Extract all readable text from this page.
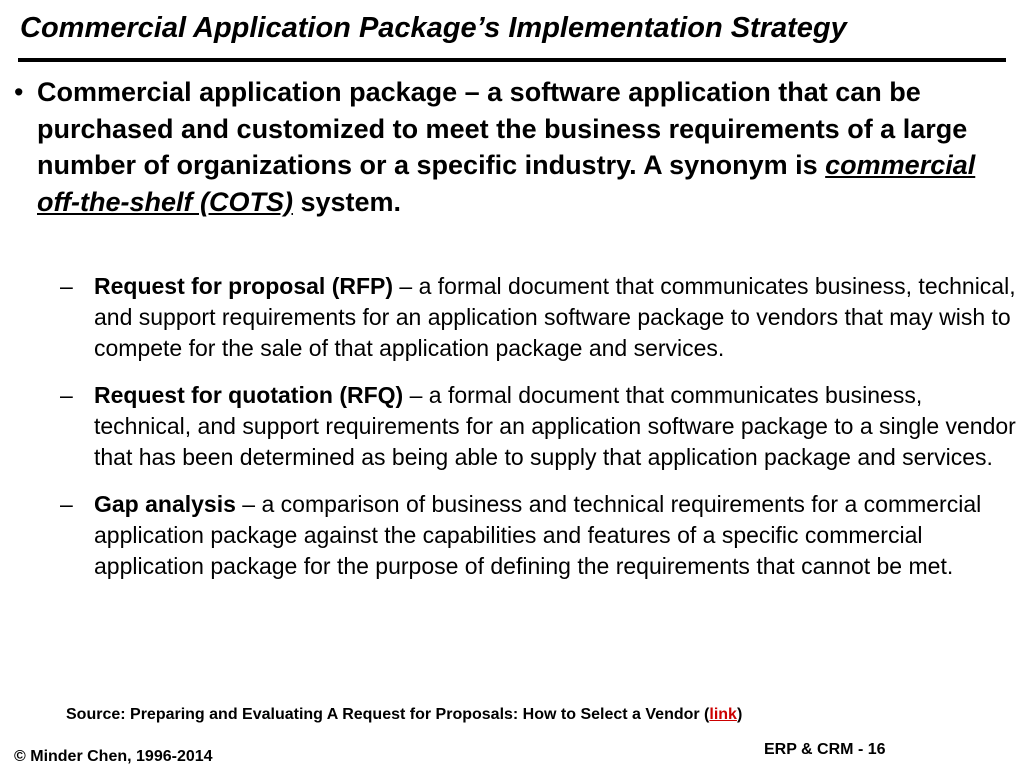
Commercial Application Package’s Implementation Strategy
• Commercial application package – a software application that can be purchased and customized to meet the business requirements of a large number of organizations or a specific industry. A synonym is commercial off-the-shelf (COTS) system.
– Request for proposal (RFP) – a formal document that communicates business, technical, and support requirements for an application software package to vendors that may wish to compete for the sale of that application package and services.
– Request for quotation (RFQ) – a formal document that communicates business, technical, and support requirements for an application software package to a single vendor that has been determined as being able to supply that application package and services.
– Gap analysis – a comparison of business and technical requirements for a commercial application package against the capabilities and features of a specific commercial application package for the purpose of defining the requirements that cannot be met.
Source: Preparing and Evaluating A Request for Proposals: How to Select a Vendor (link)
© Minder Chen, 1996-2014	ERP & CRM - 16
